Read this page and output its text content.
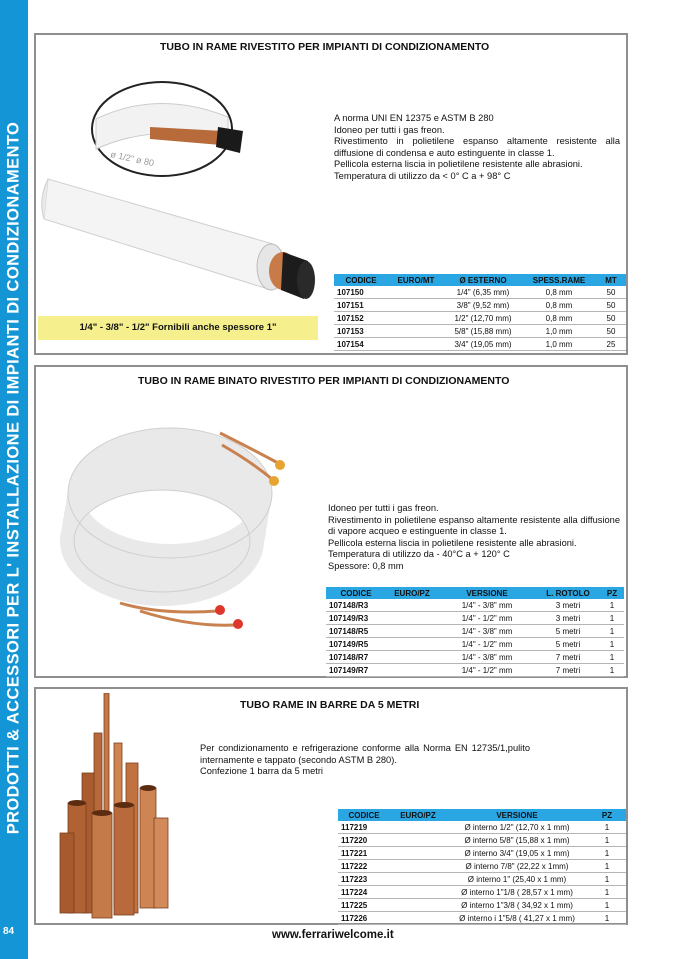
PRODOTTI & ACCESSORI PER L' INSTALLAZIONE DI IMPIANTI DI CONDIZIONAMENTO
84
TUBO IN RAME RIVESTITO PER IMPIANTI DI CONDIZIONAMENTO
ø 1/2" ø 80
A norma UNI EN 12375 e ASTM B 280
Idoneo per tutti i gas freon.
Rivestimento in polietilene espanso altamente resistente alla diffusione di condensa e auto estinguente in classe 1.
Pellicola esterna liscia in polietilene resistente alle abrasioni.
Temperatura di utilizzo da < 0° C a + 98° C
1/4" - 3/8" - 1/2" Fornibili anche spessore 1"
CODICE	EURO/MT	Ø ESTERNO	SPESS.RAME	MT
107150		1/4" (6,35 mm)	0,8 mm	50
107151		3/8" (9,52 mm)	0,8 mm	50
107152		1/2" (12,70 mm)	0,8 mm	50
107153		5/8" (15,88 mm)	1,0 mm	50
107154		3/4" (19,05 mm)	1,0 mm	25
TUBO IN RAME BINATO RIVESTITO PER IMPIANTI DI CONDIZIONAMENTO
Idoneo per tutti i gas freon.
Rivestimento in polietilene espanso altamente resistente alla diffusione di vapore acqueo e estinguente in classe 1.
Pellicola esterna liscia in polietilene resistente alle abrasioni.
Temperatura di utilizzo da - 40°C a + 120° C
Spessore: 0,8 mm
CODICE	EURO/PZ	VERSIONE	L. ROTOLO	PZ
107148/R3		1/4" - 3/8" mm	3 metri	1
107149/R3		1/4" - 1/2" mm	3 metri	1
107148/R5		1/4" - 3/8" mm	5 metri	1
107149/R5		1/4" - 1/2" mm	5 metri	1
107148/R7		1/4" - 3/8" mm	7 metri	1
107149/R7		1/4" - 1/2" mm	7 metri	1
TUBO RAME IN BARRE DA 5 METRI
Per condizionamento e refrigerazione conforme alla Norma EN 12735/1,pulito internamente e tappato (secondo ASTM B 280).
Confezione 1 barra da 5 metri
CODICE	EURO/PZ	VERSIONE	PZ
117219		Ø interno 1/2" (12,70 x 1 mm)	1
117220		Ø interno 5/8" (15,88 x 1 mm)	1
117221		Ø interno 3/4" (19,05 x 1 mm)	1
117222		Ø interno 7/8" (22,22 x 1mm)	1
117223		Ø interno 1" (25,40 x 1 mm)	1
117224		Ø interno 1"1/8 ( 28,57 x 1 mm)	1
117225		Ø interno 1"3/8 ( 34,92 x 1 mm)	1
117226		Ø interno i 1"5/8 ( 41,27 x 1 mm)	1
www.ferrariwelcome.it
